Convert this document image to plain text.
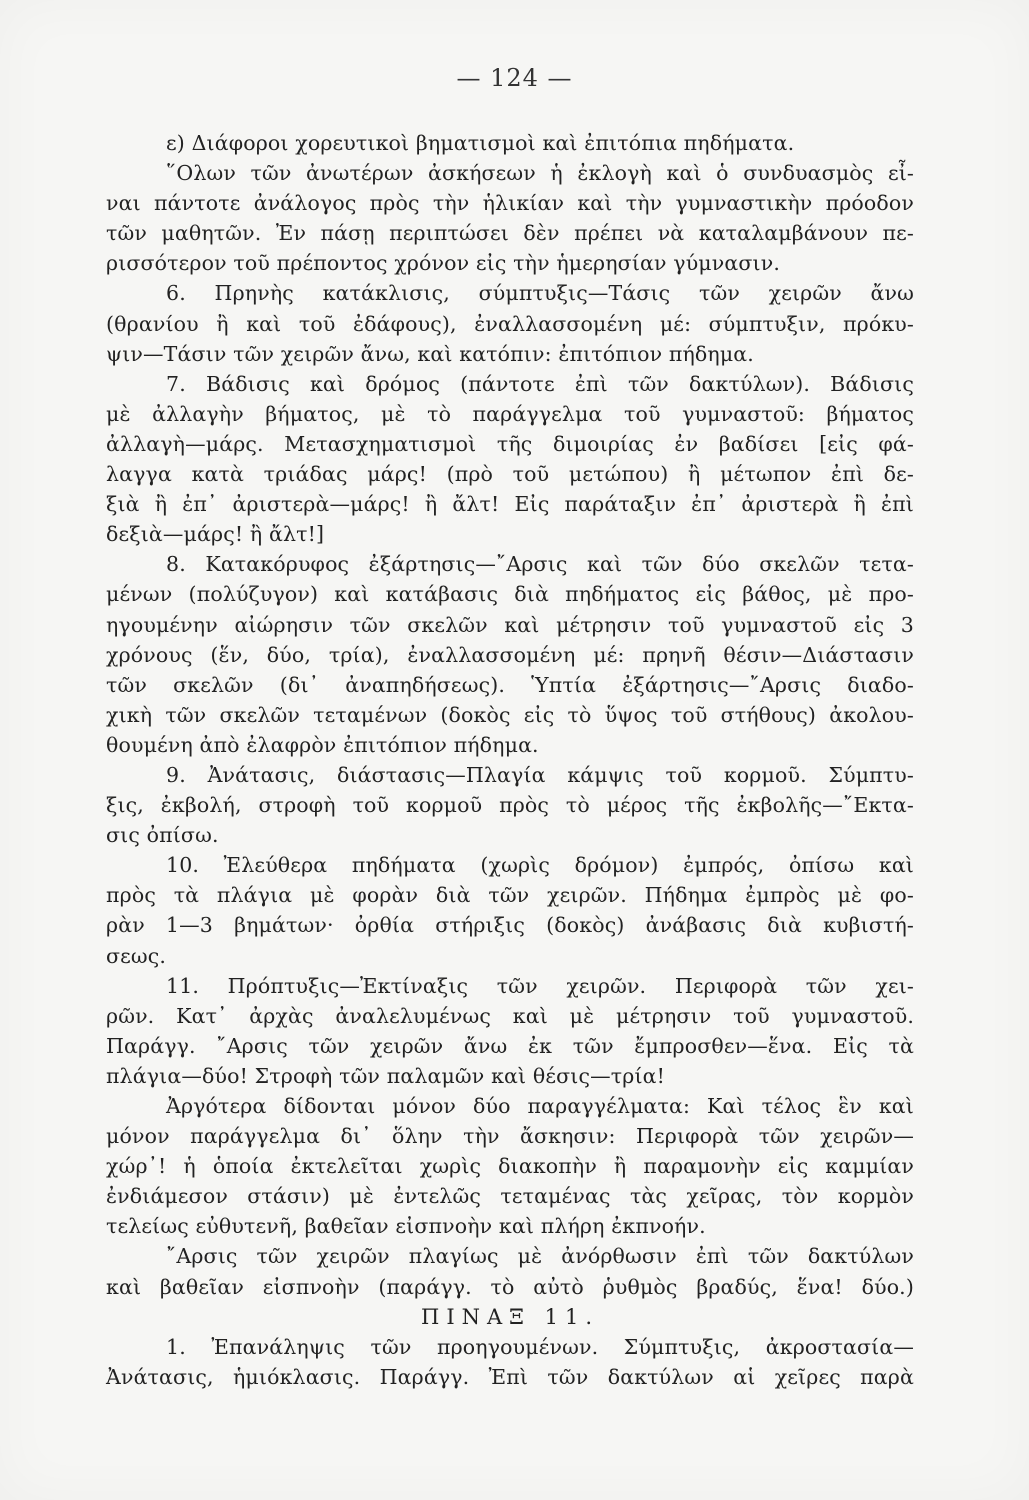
— 124 —
ε) Διάφοροι χορευτικοὶ βηματισμοὶ καὶ ἐπιτόπια πηδήματα.
῞Ολων τῶν ἀνωτέρων ἀσκήσεων ἡ ἐκλογὴ καὶ ὁ συνδυασμὸς εἶ-
ναι πάντοτε ἀνάλογος πρὸς τὴν ἡλικίαν καὶ τὴν γυμναστικὴν πρόοδον
τῶν μαθητῶν. Ἐν πάσῃ περιπτώσει δὲν πρέπει νὰ καταλαμβάνουν πε-
ρισσότερον τοῦ πρέποντος χρόνον εἰς τὴν ἡμερησίαν γύμνασιν.
6. Πρηνὴς κατάκλισις, σύμπτυξις—Τάσις τῶν χειρῶν ἄνω
(θρανίου ἢ καὶ τοῦ ἐδάφους), ἐναλλασσομένη μέ: σύμπτυξιν, πρόκυ-
ψιν—Τάσιν τῶν χειρῶν ἄνω, καὶ κατόπιν: ἐπιτόπιον πήδημα.
7. Βάδισις καὶ δρόμος (πάντοτε ἐπὶ τῶν δακτύλων). Βάδισις
μὲ ἀλλαγὴν βήματος, μὲ τὸ παράγγελμα τοῦ γυμναστοῦ: βήματος
ἀλλαγὴ—μάρς. Μετασχηματισμοὶ τῆς διμοιρίας ἐν βαδίσει [εἰς φά-
λαγγα κατὰ τριάδας μάρς! (πρὸ τοῦ μετώπου) ἢ μέτωπον ἐπὶ δε-
ξιὰ ἢ ἐπ᾽ ἀριστερὰ—μάρς! ἢ ἄλτ! Εἰς παράταξιν ἐπ᾽ ἀριστερὰ ἢ ἐπὶ
δεξιὰ—μάρς! ἢ ἄλτ!]
8. Κατακόρυφος ἐξάρτησις—῎Αρσις καὶ τῶν δύο σκελῶν τετα-
μένων (πολύζυγον) καὶ κατάβασις διὰ πηδήματος εἰς βάθος, μὲ προ-
ηγουμένην αἰώρησιν τῶν σκελῶν καὶ μέτρησιν τοῦ γυμναστοῦ εἰς 3
χρόνους (ἕν, δύο, τρία), ἐναλλασσομένη μέ: πρηνῆ θέσιν—Διάστασιν
τῶν σκελῶν (δι᾽ ἀναπηδήσεως). Ὑπτία ἐξάρτησις—῎Αρσις διαδο-
χικὴ τῶν σκελῶν τεταμένων (δοκὸς εἰς τὸ ὕψος τοῦ στήθους) ἀκολου-
θουμένη ἀπὸ ἐλαφρὸν ἐπιτόπιον πήδημα.
9. Ἀνάτασις, διάστασις—Πλαγία κάμψις τοῦ κορμοῦ. Σύμπτυ-
ξις, ἐκβολή, στροφὴ τοῦ κορμοῦ πρὸς τὸ μέρος τῆς ἐκβολῆς—῎Εκτα-
σις ὀπίσω.
10. Ἐλεύθερα πηδήματα (χωρὶς δρόμον) ἐμπρός, ὀπίσω καὶ
πρὸς τὰ πλάγια μὲ φορὰν διὰ τῶν χειρῶν. Πήδημα ἐμπρὸς μὲ φο-
ρὰν 1—3 βημάτων· ὀρθία στήριξις (δοκὸς) ἀνάβασις διὰ κυβιστή-
σεως.
11. Πρόπτυξις—Ἐκτίναξις τῶν χειρῶν. Περιφορὰ τῶν χει-
ρῶν. Κατ᾽ ἀρχὰς ἀναλελυμένως καὶ μὲ μέτρησιν τοῦ γυμναστοῦ.
Παράγγ. ῎Αρσις τῶν χειρῶν ἄνω ἐκ τῶν ἔμπροσθεν—ἕνα. Εἰς τὰ
πλάγια—δύο! Στροφὴ τῶν παλαμῶν καὶ θέσις—τρία!
Ἀργότερα δίδονται μόνον δύο παραγγέλματα: Καὶ τέλος ἓν καὶ
μόνον παράγγελμα δι᾽ ὅλην τὴν ἄσκησιν: Περιφορὰ τῶν χειρῶν—
χώρ᾽! ἡ ὁποία ἐκτελεῖται χωρὶς διακοπὴν ἢ παραμονὴν εἰς καμμίαν
ἐνδιάμεσον στάσιν) μὲ ἐντελῶς τεταμένας τὰς χεῖρας, τὸν κορμὸν
τελείως εὐθυτενῆ, βαθεῖαν εἰσπνοὴν καὶ πλήρη ἐκπνοήν.
῎Αρσις τῶν χειρῶν πλαγίως μὲ ἀνόρθωσιν ἐπὶ τῶν δακτύλων
καὶ βαθεῖαν εἰσπνοὴν (παράγγ. τὸ αὐτὸ ῥυθμὸς βραδύς, ἕνα! δύο.)
ΠΙΝΑΞ 11.
1. Ἐπανάληψις τῶν προηγουμένων. Σύμπτυξις, ἀκροστασία—
Ἀνάτασις, ἡμιόκλασις. Παράγγ. Ἐπὶ τῶν δακτύλων αἱ χεῖρες παρὰ
